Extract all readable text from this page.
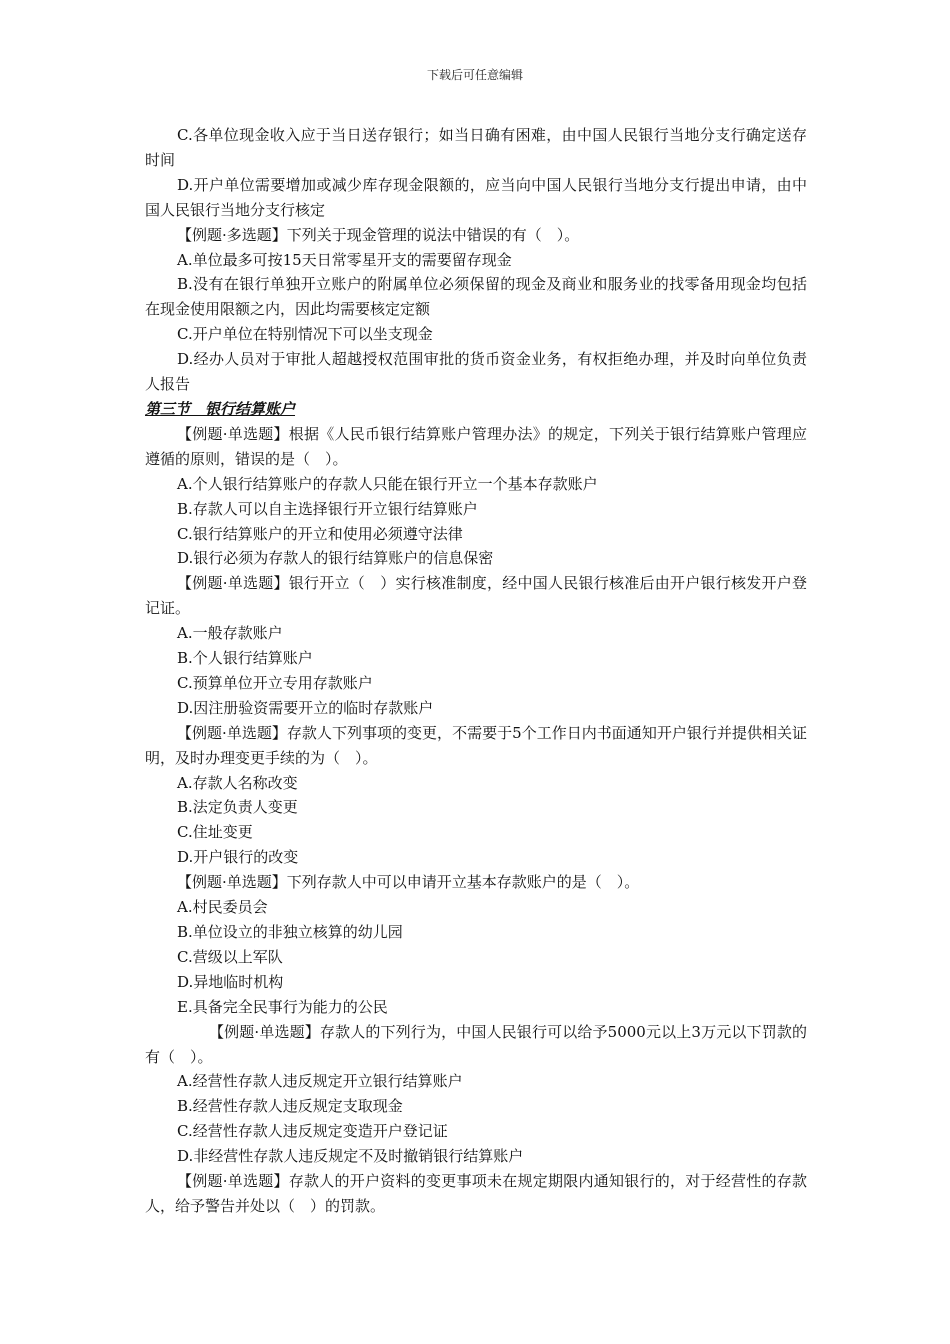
下载后可任意编辑

C.各单位现金收入应于当日送存银行；如当日确有困难，由中国人民银行当地分支行确定送存时间

D.开户单位需要增加或减少库存现金限额的，应当向中国人民银行当地分支行提出申请，由中国人民银行当地分支行核定

【例题·多选题】下列关于现金管理的说法中错误的有（　）。

A.单位最多可按15天日常零星开支的需要留存现金

B.没有在银行单独开立账户的附属单位必须保留的现金及商业和服务业的找零备用现金均包括在现金使用限额之内，因此均需要核定定额

C.开户单位在特别情况下可以坐支现金

D.经办人员对于审批人超越授权范围审批的货币资金业务，有权拒绝办理，并及时向单位负责人报告

第三节　银行结算账户

【例题·单选题】根据《人民币银行结算账户管理办法》的规定，下列关于银行结算账户管理应遵循的原则，错误的是（　）。

A.个人银行结算账户的存款人只能在银行开立一个基本存款账户

B.存款人可以自主选择银行开立银行结算账户

C.银行结算账户的开立和使用必须遵守法律

D.银行必须为存款人的银行结算账户的信息保密

【例题·单选题】银行开立（　）实行核准制度，经中国人民银行核准后由开户银行核发开户登记证。

A.一般存款账户

B.个人银行结算账户

C.预算单位开立专用存款账户

D.因注册验资需要开立的临时存款账户

【例题·单选题】存款人下列事项的变更，不需要于5个工作日内书面通知开户银行并提供相关证明，及时办理变更手续的为（　）。

A.存款人名称改变

B.法定负责人变更

C.住址变更

D.开户银行的改变

【例题·单选题】下列存款人中可以申请开立基本存款账户的是（　）。

A.村民委员会

B.单位设立的非独立核算的幼儿园

C.营级以上军队

D.异地临时机构

E.具备完全民事行为能力的公民

【例题·单选题】存款人的下列行为，中国人民银行可以给予5000元以上3万元以下罚款的有（　）。

A.经营性存款人违反规定开立银行结算账户

B.经营性存款人违反规定支取现金

C.经营性存款人违反规定变造开户登记证

D.非经营性存款人违反规定不及时撤销银行结算账户

【例题·单选题】存款人的开户资料的变更事项未在规定期限内通知银行的，对于经营性的存款人，给予警告并处以（　）的罚款。
